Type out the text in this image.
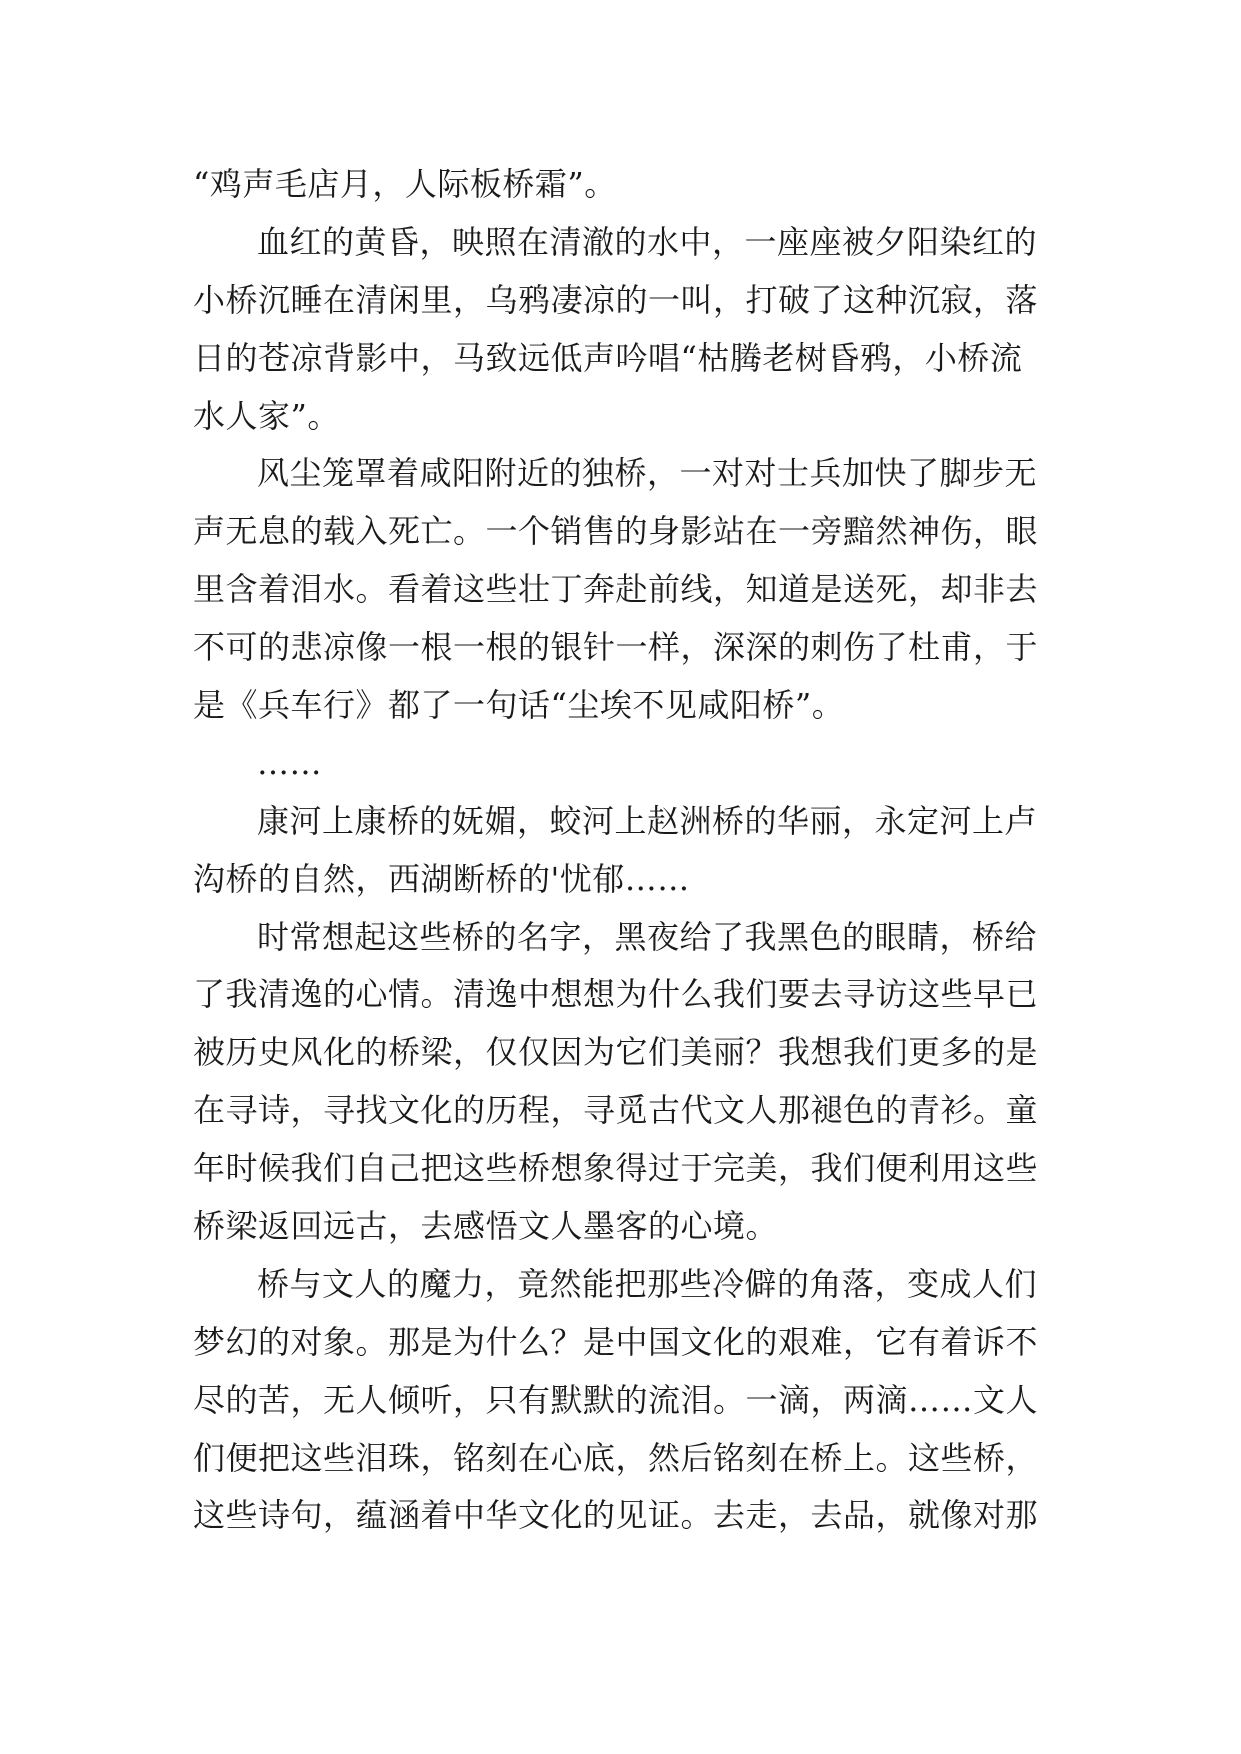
“鸡声毛店月，人际板桥霜”。
血红的黄昏，映照在清澈的水中，一座座被夕阳染红的
小桥沉睡在清闲里，乌鸦凄凉的一叫，打破了这种沉寂，落
日的苍凉背影中，马致远低声吟唱“枯腾老树昏鸦，小桥流
水人家”。
风尘笼罩着咸阳附近的独桥，一对对士兵加快了脚步无
声无息的载入死亡。一个销售的身影站在一旁黯然神伤，眼
里含着泪水。看着这些壮丁奔赴前线，知道是送死，却非去
不可的悲凉像一根一根的银针一样，深深的刺伤了杜甫，于
是《兵车行》都了一句话“尘埃不见咸阳桥”。
……
康河上康桥的妩媚，蛟河上赵洲桥的华丽，永定河上卢
沟桥的自然，西湖断桥的'忧郁……
时常想起这些桥的名字，黑夜给了我黑色的眼睛，桥给
了我清逸的心情。清逸中想想为什么我们要去寻访这些早已
被历史风化的桥梁，仅仅因为它们美丽？我想我们更多的是
在寻诗，寻找文化的历程，寻觅古代文人那褪色的青衫。童
年时候我们自己把这些桥想象得过于完美，我们便利用这些
桥梁返回远古，去感悟文人墨客的心境。
桥与文人的魔力，竟然能把那些冷僻的角落，变成人们
梦幻的对象。那是为什么？是中国文化的艰难，它有着诉不
尽的苦，无人倾听，只有默默的流泪。一滴，两滴……文人
们便把这些泪珠，铭刻在心底，然后铭刻在桥上。这些桥，
这些诗句，蕴涵着中华文化的见证。去走，去品，就像对那
